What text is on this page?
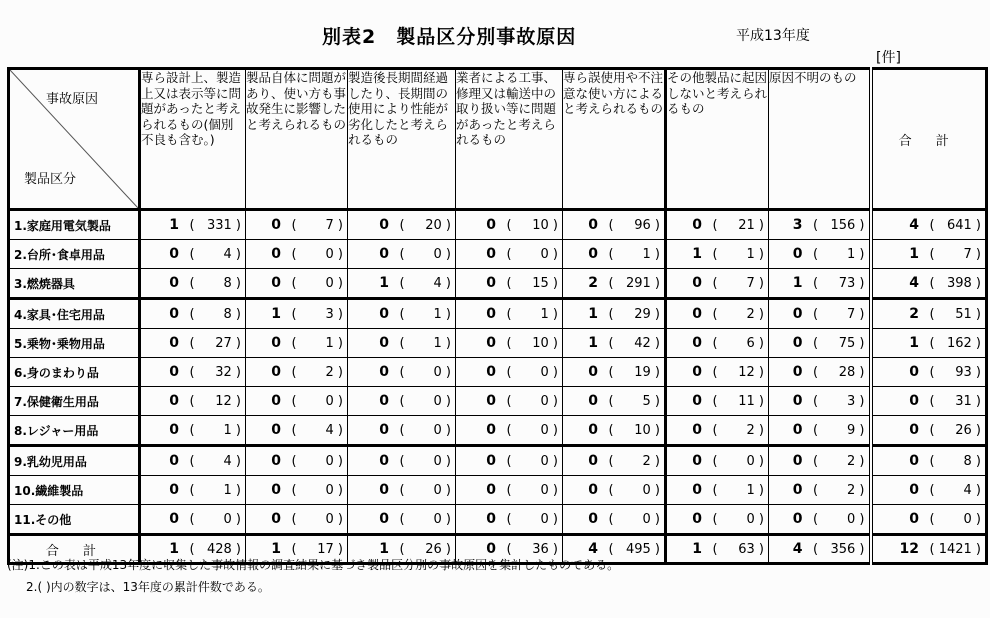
別表2　製品区分別事故原因	平成13年度
[件]
事故原因
製品区分	専ら設計上、製造上又は表示等に問題があったと考えられるもの(個別不良も含む。)	製品自体に問題があり、使い方も事故発生に影響したと考えられるもの	製造後長期間経過したり、長期間の使用により性能が劣化したと考えられるもの	業者による工事、修理又は輸送中の取り扱い等に問題があったと考えられるもの	専ら誤使用や不注意な使い方によると考えられるもの	その他製品に起因しないと考えられるもの	原因不明のもの	合 計
1.家庭用電気製品	1 (  331 )	0 (    7 )	0 (   20 )	0 (   10 )	0 (   96 )	0 (   21 )	3 (  156 )	4 (  641 )
2.台所･食卓用品	0 (    4 )	0 (    0 )	0 (    0 )	0 (    0 )	0 (    1 )	1 (    1 )	0 (    1 )	1 (    7 )
3.燃焼器具	0 (    8 )	0 (    0 )	1 (    4 )	0 (   15 )	2 (  291 )	0 (    7 )	1 (   73 )	4 (  398 )
4.家具･住宅用品	0 (    8 )	1 (    3 )	0 (    1 )	0 (    1 )	1 (   29 )	0 (    2 )	0 (    7 )	2 (   51 )
5.乗物･乗物用品	0 (   27 )	0 (    1 )	0 (    1 )	0 (   10 )	1 (   42 )	0 (    6 )	0 (   75 )	1 (  162 )
6.身のまわり品	0 (   32 )	0 (    2 )	0 (    0 )	0 (    0 )	0 (   19 )	0 (   12 )	0 (   28 )	0 (   93 )
7.保健衛生用品	0 (   12 )	0 (    0 )	0 (    0 )	0 (    0 )	0 (    5 )	0 (   11 )	0 (    3 )	0 (   31 )
8.レジャー用品	0 (    1 )	0 (    4 )	0 (    0 )	0 (    0 )	0 (   10 )	0 (    2 )	0 (    9 )	0 (   26 )
9.乳幼児用品	0 (    4 )	0 (    0 )	0 (    0 )	0 (    0 )	0 (    2 )	0 (    0 )	0 (    2 )	0 (    8 )
10.繊維製品	0 (    1 )	0 (    0 )	0 (    0 )	0 (    0 )	0 (    0 )	0 (    1 )	0 (    2 )	0 (    4 )
11.その他	0 (    0 )	0 (    0 )	0 (    0 )	0 (    0 )	0 (    0 )	0 (    0 )	0 (    0 )	0 (    0 )
合 計	1 (  428 )	1 (   17 )	1 (   26 )	0 (   36 )	4 (  495 )	1 (   63 )	4 (  356 )	12 ( 1421 )
(注)1.この表は平成13年度に収集した事故情報の調査結果に基づき製品区分別の事故原因を集計したものである。
2.( )内の数字は、13年度の累計件数である。
